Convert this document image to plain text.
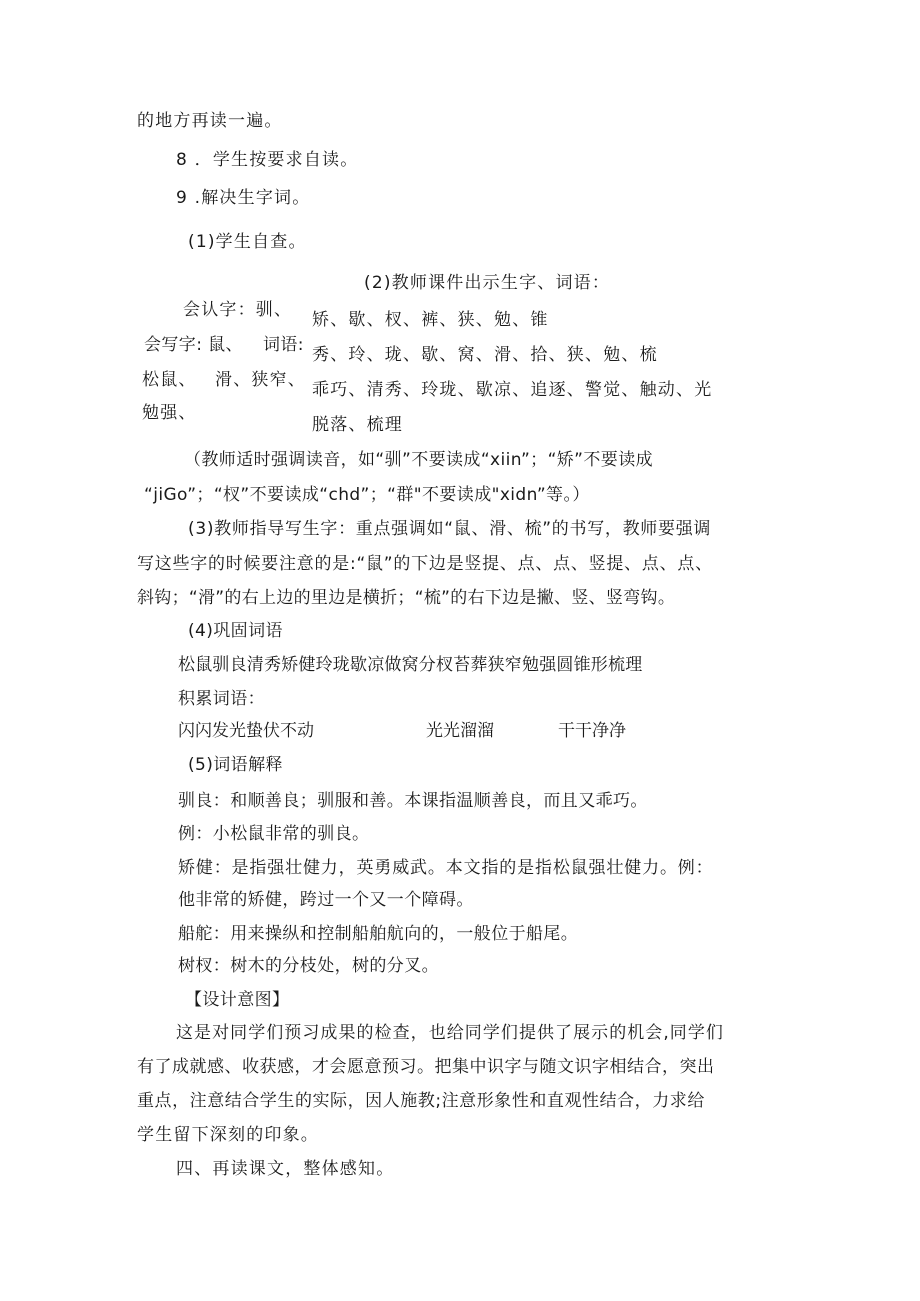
的地方再读一遍。
8 ．学生按要求自读。
9 .解决生字词。
(1)学生自查。
(2)教师课件出示生字、词语：
会认字：驯、 矫、歇、杈、裤、狭、勉、锥
会写字: 鼠、 词语: 秀、玲、珑、歇、窝、滑、拾、狭、勉、梳
松鼠、 滑、狭窄、 乖巧、清秀、玲珑、歇凉、追逐、警觉、触动、光
勉强、
脱落、梳理
（教师适时强调读音，如“驯”不要读成“xiin”；“矫”不要读成
“jiGo”；“杈”不要读成“chd”；“群"不要读成"xidn”等。）
(3)教师指导写生字：重点强调如“鼠、滑、梳”的书写，教师要强调
写这些字的时候要注意的是:“鼠”的下边是竖提、点、点、竖提、点、点、
斜钩；“滑”的右上边的里边是横折；“梳”的右下边是撇、竖、竖弯钩。
(4)巩固词语
松鼠驯良清秀矫健玲珑歇凉做窝分杈苔葬狭窄勉强圆锥形梳理
积累词语：
闪闪发光蛰伏不动	光光溜溜	干干净净
(5)词语解释
驯良：和顺善良；驯服和善。本课指温顺善良，而且又乖巧。
例：小松鼠非常的驯良。
矫健：是指强壮健力，英勇威武。本文指的是指松鼠强壮健力。例：
他非常的矫健，跨过一个又一个障碍。
船舵：用来操纵和控制船舶航向的，一般位于船尾。
树杈：树木的分枝处，树的分叉。
【设计意图】
这是对同学们预习成果的检查，也给同学们提供了展示的机会,同学们
有了成就感、收获感，才会愿意预习。把集中识字与随文识字相结合，突出
重点，注意结合学生的实际，因人施教;注意形象性和直观性结合，力求给
学生留下深刻的印象。
四、再读课文，整体感知。
